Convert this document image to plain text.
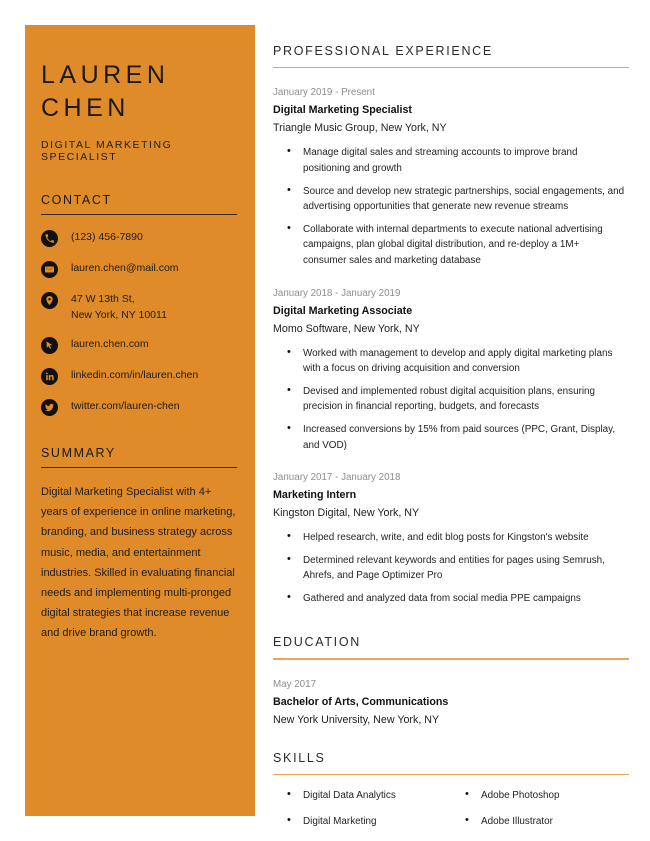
LAUREN
CHEN
DIGITAL MARKETING SPECIALIST
CONTACT
(123) 456-7890
lauren.chen@mail.com
47 W 13th St,
New York, NY 10011
lauren.chen.com
linkedin.com/in/lauren.chen
twitter.com/lauren-chen
SUMMARY
Digital Marketing Specialist with 4+ years of experience in online marketing, branding, and business strategy across music, media, and entertainment industries. Skilled in evaluating financial needs and implementing multi-pronged digital strategies that increase revenue and drive brand growth.
PROFESSIONAL EXPERIENCE
January 2019 - Present
Digital Marketing Specialist
Triangle Music Group, New York, NY
• Manage digital sales and streaming accounts to improve brand positioning and growth
• Source and develop new strategic partnerships, social engagements, and advertising opportunities that generate new revenue streams
• Collaborate with internal departments to execute national advertising campaigns, plan global digital distribution, and re-deploy a 1M+ consumer sales and marketing database
January 2018 - January 2019
Digital Marketing Associate
Momo Software, New York, NY
• Worked with management to develop and apply digital marketing plans with a focus on driving acquisition and conversion
• Devised and implemented robust digital acquisition plans, ensuring precision in financial reporting, budgets, and forecasts
• Increased conversions by 15% from paid sources (PPC, Grant, Display, and VOD)
January 2017 - January 2018
Marketing Intern
Kingston Digital, New York, NY
• Helped research, write, and edit blog posts for Kingston's website
• Determined relevant keywords and entities for pages using Semrush, Ahrefs, and Page Optimizer Pro
• Gathered and analyzed data from social media PPE campaigns
EDUCATION
May 2017
Bachelor of Arts, Communications
New York University, New York, NY
SKILLS
• Digital Data Analytics
• Digital Marketing
• Adobe Photoshop
• Adobe Illustrator
